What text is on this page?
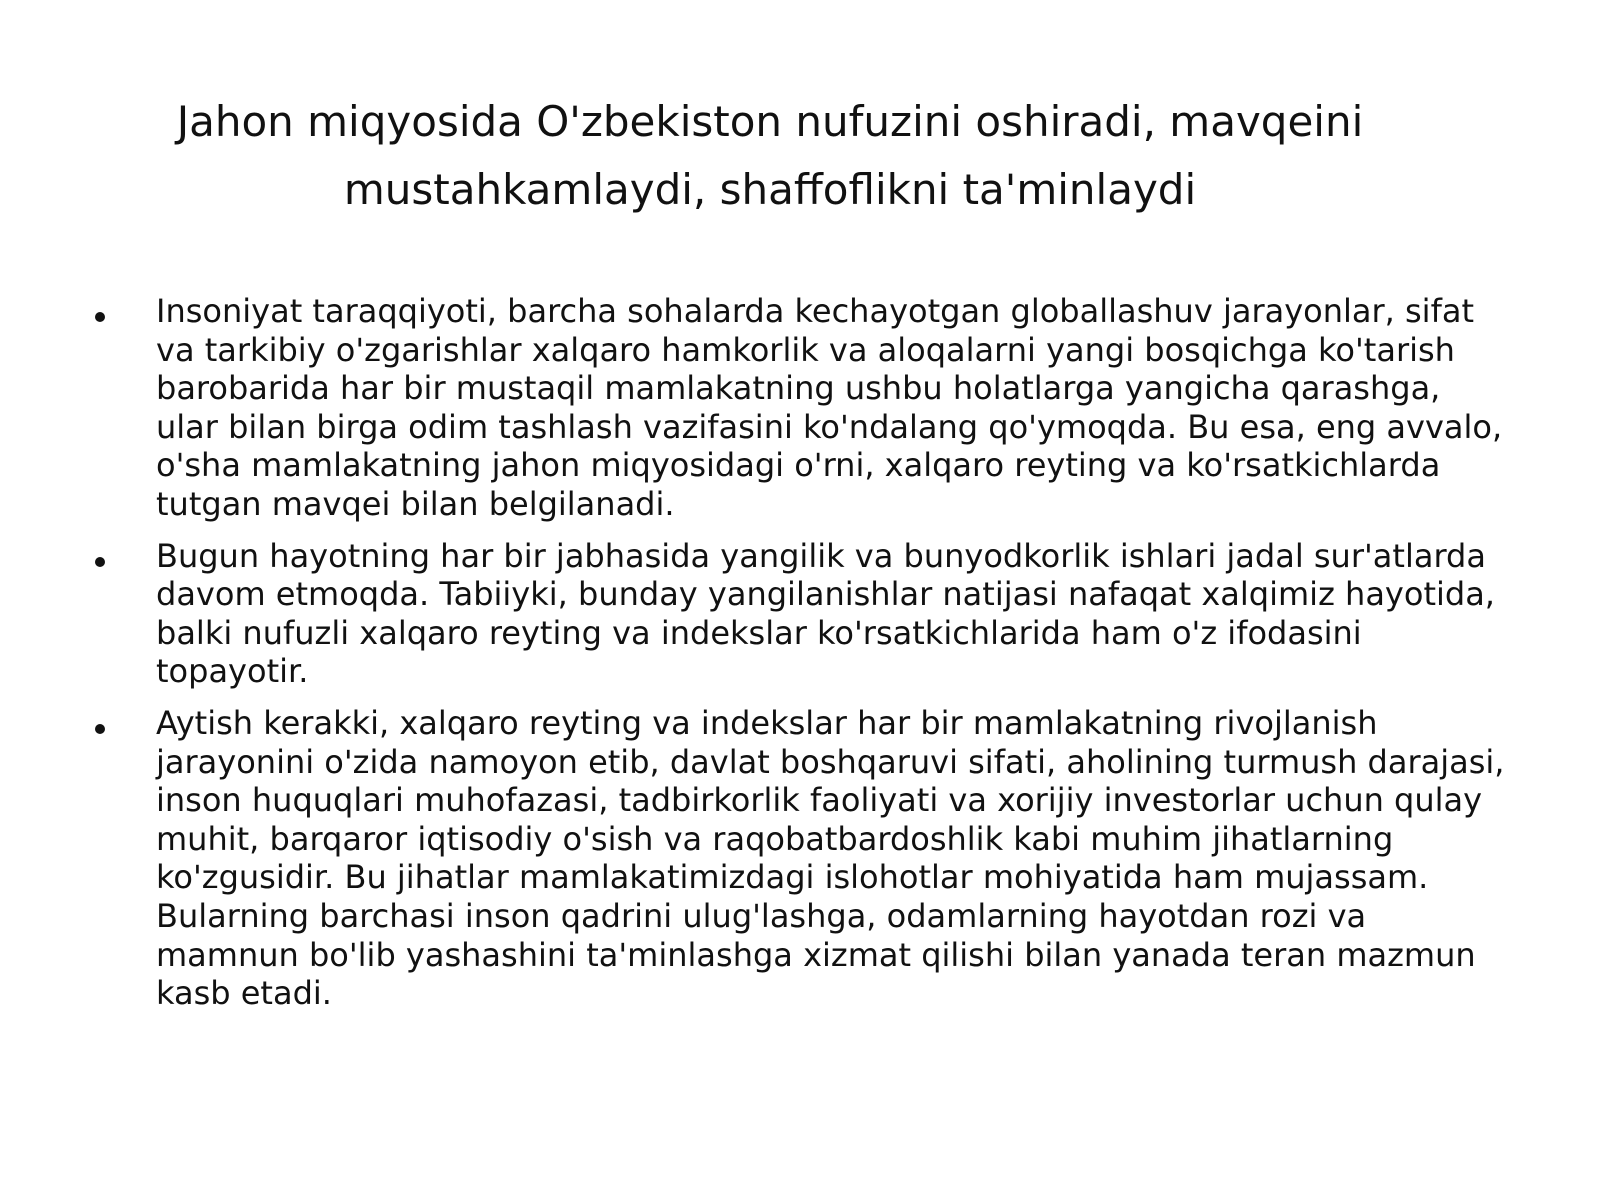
Jahon miqyosida O'zbekiston nufuzini oshiradi, mavqeini
mustahkamlaydi, shaffoflikni ta'minlaydi
Insoniyat taraqqiyoti, barcha sohalarda kechayotgan globallashuv jarayonlar, sifat va tarkibiy o'zgarishlar xalqaro hamkorlik va aloqalarni yangi bosqichga ko'tarish barobarida har bir mustaqil mamlakatning ushbu holatlarga yangicha qarashga, ular bilan birga odim tashlash vazifasini ko'ndalang qo'ymoqda. Bu esa, eng avvalo, o'sha mamlakatning jahon miqyosidagi o'rni, xalqaro reyting va ko'rsatkichlarda tutgan mavqei bilan belgilanadi.
Bugun hayotning har bir jabhasida yangilik va bunyodkorlik ishlari jadal sur'atlarda davom etmoqda. Tabiiyki, bunday yangilanishlar natijasi nafaqat xalqimiz hayotida, balki nufuzli xalqaro reyting va indekslar ko'rsatkichlarida ham o'z ifodasini topayotir.
Aytish kerakki, xalqaro reyting va indekslar har bir mamlakatning rivojlanish jarayonini o'zida namoyon etib, davlat boshqaruvi sifati, aholining turmush darajasi, inson huquqlari muhofazasi, tadbirkorlik faoliyati va xorijiy investorlar uchun qulay muhit, barqaror iqtisodiy o'sish va raqobatbardoshlik kabi muhim jihatlarning ko'zgusidir. Bu jihatlar mamlakatimizdagi islohotlar mohiyatida ham mujassam. Bularning barchasi inson qadrini ulug'lashga, odamlarning hayotdan rozi va mamnun bo'lib yashashini ta'minlashga xizmat qilishi bilan yanada teran mazmun kasb etadi.
